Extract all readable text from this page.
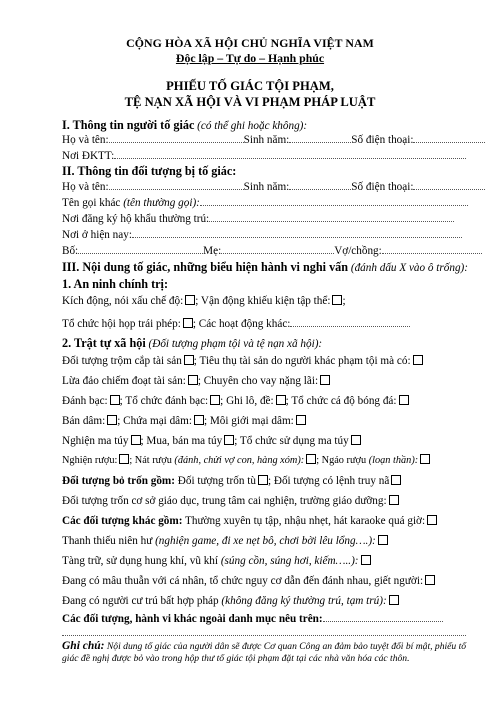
CỘNG HÒA XÃ HỘI CHỦ NGHĨA VIỆT NAM
Độc lập – Tự do – Hạnh phúc
PHIẾU TỐ GIÁC TỘI PHẠM,
TỆ NẠN XÃ HỘI VÀ VI PHẠM PHÁP LUẬT
I. Thông tin người tố giác (có thể ghi hoặc không):
Họ và tên:	Sinh năm:	Số điện thoại:
Nơi ĐKTT:
II. Thông tin đối tượng bị tố giác:
Họ và tên:	Sinh năm:	Số điện thoại:
Tên gọi khác (tên thường gọi):
Nơi đăng ký hộ khẩu thường trú:
Nơi ở hiện nay:
Bố:	Mẹ:	Vợ/chồng:
III. Nội dung tố giác, những biểu hiện hành vi nghi vấn (đánh dấu X vào ô trống):
1. An ninh chính trị:
Kích động, nói xấu chế độ: ; Vận động khiếu kiện tập thể: ;
Tổ chức hội họp trái phép: ; Các hoạt động khác:
2. Trật tự xã hội (Đối tượng phạm tội và tệ nạn xã hội):
Đối tượng trộm cắp tài sản ; Tiêu thụ tài sản do người khác phạm tội mà có:
Lừa đảo chiếm đoạt tài sản: ; Chuyên cho vay nặng lãi:
Đánh bạc: ; Tổ chức đánh bạc: ; Ghi lô, đề: ; Tổ chức cá độ bóng đá:
Bán dâm: ; Chứa mại dâm: ; Môi giới mại dâm:
Nghiện ma túy ; Mua, bán ma túy ; Tổ chức sử dụng ma túy
Nghiện rượu: ; Nát rượu (đánh, chửi vợ con, hàng xóm): ; Ngáo rượu (loạn thần):
Đối tượng bỏ trốn gồm: Đối tượng trốn tù ; Đối tượng có lệnh truy nã
Đối tượng trốn cơ sở giáo dục, trung tâm cai nghiện, trường giáo dưỡng:
Các đối tượng khác gồm: Thường xuyên tụ tập, nhậu nhẹt, hát karaoke quá giờ:
Thanh thiếu niên hư (nghiện game, đi xe nẹt bô, chơi bời lêu lổng….):
Tàng trữ, sử dụng hung khí, vũ khí (súng cồn, súng hơi, kiếm…..):
Đang có mâu thuẫn với cá nhân, tổ chức nguy cơ dẫn đến đánh nhau, giết người:
Đang có người cư trú bất hợp pháp (không đăng ký thường trú, tạm trú):
Các đối tượng, hành vi khác ngoài danh mục nêu trên:
Ghi chú: Nội dung tố giác của người dân sẽ được Cơ quan Công an đảm bảo tuyệt đối bí mật, phiếu tố giác đề nghị được bỏ vào trong hộp thư tố giác tội phạm đặt tại các nhà văn hóa các thôn.
